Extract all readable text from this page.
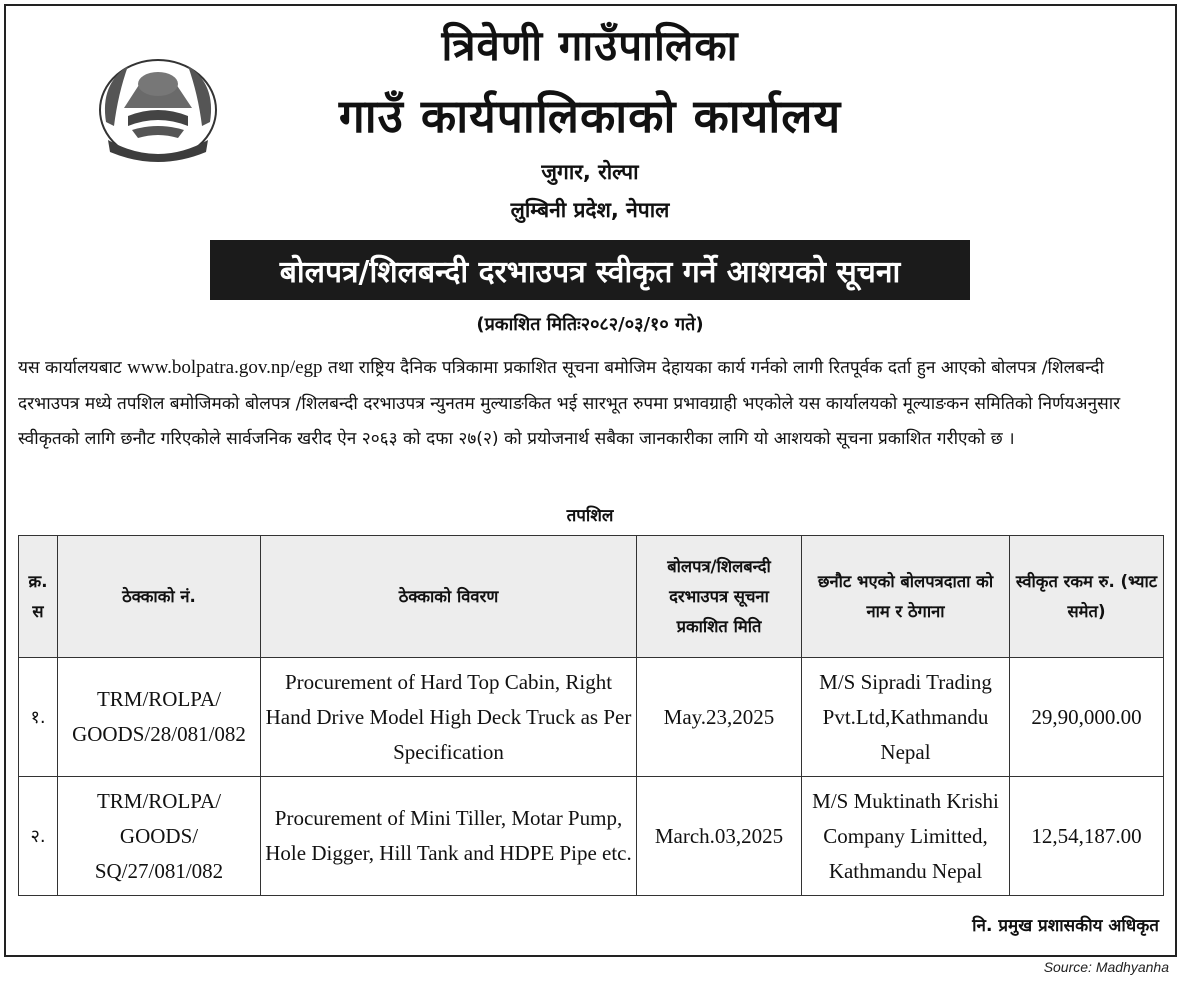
त्रिवेणी गाउँपालिका
गाउँ कार्यपालिकाको कार्यालय
जुगार, रोल्पा
लुम्बिनी प्रदेश, नेपाल
बोलपत्र/शिलबन्दी दरभाउपत्र स्वीकृत गर्ने आशयको सूचना
(प्रकाशित मितिः२०८२/०३/१० गते)

यस कार्यालयबाट www.bolpatra.gov.np/egp तथा राष्ट्रिय दैनिक पत्रिकामा प्रकाशित सूचना बमोजिम देहायका कार्य गर्नको लागी रितपूर्वक दर्ता हुन आएको बोलपत्र /शिलबन्दी दरभाउपत्र मध्ये तपशिल बमोजिमको बोलपत्र /शिलबन्दी दरभाउपत्र न्युनतम मुल्याङकित भई सारभूत रुपमा प्रभावग्राही भएकोले यस कार्यालयको मूल्याङकन समितिको निर्णयअनुसार स्वीकृतको लागि छनौट गरिएकोले सार्वजनिक खरीद ऐन २०६३ को दफा २७(२) को प्रयोजनार्थ सबैका जानकारीका लागि यो आशयको सूचना प्रकाशित गरीएको छ ।

तपशिल
क्र. स	ठेक्काको नं.	ठेक्काको विवरण	बोलपत्र/शिलबन्दी दरभाउपत्र सूचना प्रकाशित मिति	छनौट भएको बोलपत्रदाता को नाम र ठेगाना	स्वीकृत रकम रु. (भ्याट समेत)
१.	TRM/ROLPA/ GOODS/28/081/082	Procurement of Hard Top Cabin, Right Hand Drive Model High Deck Truck as Per Specification	May.23,2025	M/S Sipradi Trading Pvt.Ltd,Kathmandu Nepal	29,90,000.00
२.	TRM/ROLPA/ GOODS/ SQ/27/081/082	Procurement of Mini Tiller, Motar Pump, Hole Digger, Hill Tank and HDPE Pipe etc.	March.03,2025	M/S Muktinath Krishi Company Limitted, Kathmandu Nepal	12,54,187.00
नि. प्रमुख प्रशासकीय अधिकृत
Source: Madhyanha
